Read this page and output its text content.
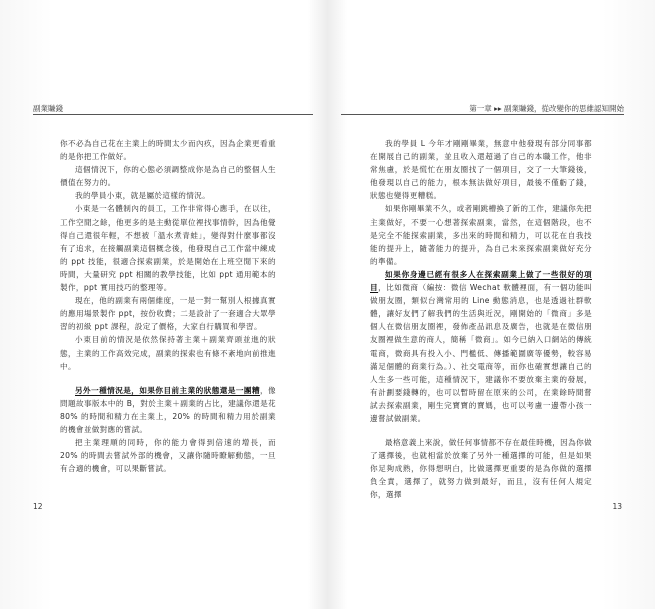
副業賺錢

你不必為自己花在主業上的時間太少而內疚，因為企業更看重的是你把工作做好。

這個情況下，你的心態必須調整成你是為自己的整個人生價值在努力的。

我的學員小東，就是屬於這樣的情況。

小東是一名體制內的員工，工作非常得心應手，在以往，工作空閒之餘，他更多的是主動從單位裡找事情幹，因為他覺得自己還很年輕，不想被「溫水煮青蛙」，變得對什麼事都沒有了追求，在接觸副業這個概念後，他發現自己工作當中練成的 ppt 技能，很適合探索副業，於是開始在上班空閒下來的時間，大量研究 ppt 相關的教學技能，比如 ppt 通用範本的製作，ppt 實用技巧的整理等。

現在，他的副業有兩個維度，一是一對一幫別人根據真實的應用場景製作 ppt，按份收費；二是設計了一套適合大眾學習的初級 ppt 課程，設定了價格，大家自行購買和學習。

小東目前的情況是依然保持著主業＋副業齊頭並進的狀態，主業的工作高效完成，副業的探索也有條不紊地向前推進中。

另外一種情況是，如果你目前主業的狀態還是一團糟，像問題故事版本中的 B，對於主業＋副業的占比，建議你還是花 80% 的時間和精力在主業上，20% 的時間和精力用於副業的機會並做對應的嘗試。

把主業理順的同時，你的能力會得到倍速的增長，而 20% 的時間去嘗試外部的機會，又讓你隨時瞭解動態，一旦有合適的機會，可以果斷嘗試。

12
第一章 ▸▸ 副業賺錢，從改變你的思維認知開始

我的學員 L 今年才剛剛畢業，無意中他發現有部分同事都在開展自己的副業，並且收入還超過了自己的本職工作，他非常焦慮，於是慌忙在朋友圈找了一個項目，交了一大筆錢後，他發現以自己的能力，根本無法做好項目，最後不僅虧了錢，狀態也變得更糟糕。

如果你剛畢業不久，或者剛跳槽換了新的工作，建議你先把主業做好，不要一心想著探索副業，當然，在這個階段，也不是完全不能探索副業，多出來的時間和精力，可以花在自我技能的提升上，隨著能力的提升，為自己未來探索副業做好充分的準備。

如果你身邊已經有很多人在探索副業上做了一些很好的項目，比如微商（編按：微信 Wechat 軟體裡面，有一個功能叫做朋友圈，類似台灣常用的 Line 動態消息，也是透過社群軟體，讓好友們了解我們的生活與近況，剛開始的「微商」多是個人在微信朋友圈裡，發佈產品訊息及廣告，也就是在微信朋友圈裡做生意的商人，簡稱「微商」。如今已納入口網站的傳統電商，微商具有投入小、門檻低、傳播範圍廣等優勢，較容易滿足個體的商業行為。）、社交電商等，而你也確實想讓自己的人生多一些可能，這種情況下，建議你不要放棄主業的發展，有計劃要錢轉的，也可以暫時留在原來的公司，在業餘時間嘗試去探索副業，剛生完寶寶的寶媽，也可以考慮一邊帶小孩一邊嘗試做副業。

最格意義上來說，做任何事情都不存在最佳時機，因為你做了選擇後，也就相當於放棄了另外一種選擇的可能，但是如果你足夠成熟，你得想明白，比做選擇更重要的是為你做的選擇負全責，選擇了，就努力做到最好，而且，沒有任何人規定你，選擇

13
